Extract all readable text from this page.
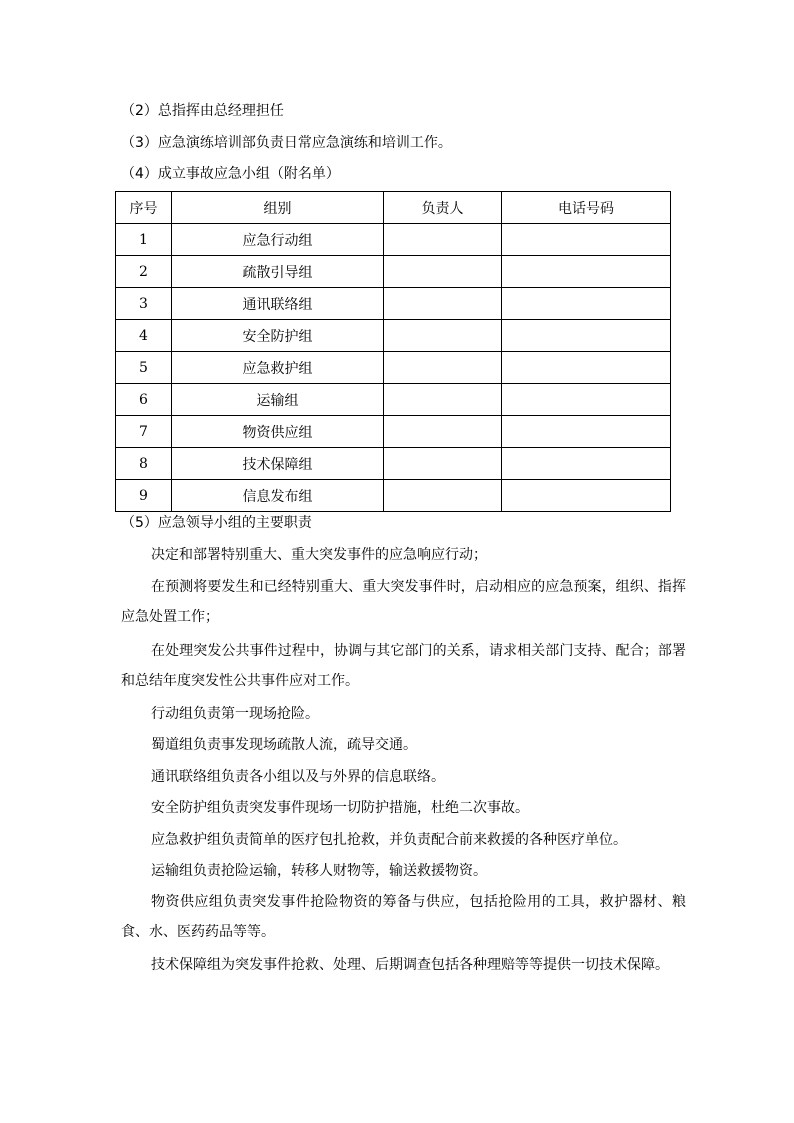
（2）总指挥由总经理担任
（3）应急演练培训部负责日常应急演练和培训工作。
（4）成立事故应急小组（附名单）
序号	组别	负责人	电话号码
1	应急行动组		
2	疏散引导组		
3	通讯联络组		
4	安全防护组		
5	应急救护组		
6	运输组		
7	物资供应组		
8	技术保障组		
9	信息发布组		
（5）应急领导小组的主要职责
决定和部署特别重大、重大突发事件的应急响应行动；
在预测将要发生和已经特别重大、重大突发事件时，启动相应的应急预案，组织、指挥应急处置工作；
在处理突发公共事件过程中，协调与其它部门的关系，请求相关部门支持、配合；部署和总结年度突发性公共事件应对工作。
行动组负责第一现场抢险。
蜀道组负责事发现场疏散人流，疏导交通。
通讯联络组负责各小组以及与外界的信息联络。
安全防护组负责突发事件现场一切防护措施，杜绝二次事故。
应急救护组负责简单的医疗包扎抢救，并负责配合前来救援的各种医疗单位。
运输组负责抢险运输，转移人财物等，输送救援物资。
物资供应组负责突发事件抢险物资的筹备与供应，包括抢险用的工具，救护器材、粮食、水、医药药品等等。
技术保障组为突发事件抢救、处理、后期调查包括各种理赔等等提供一切技术保障。
